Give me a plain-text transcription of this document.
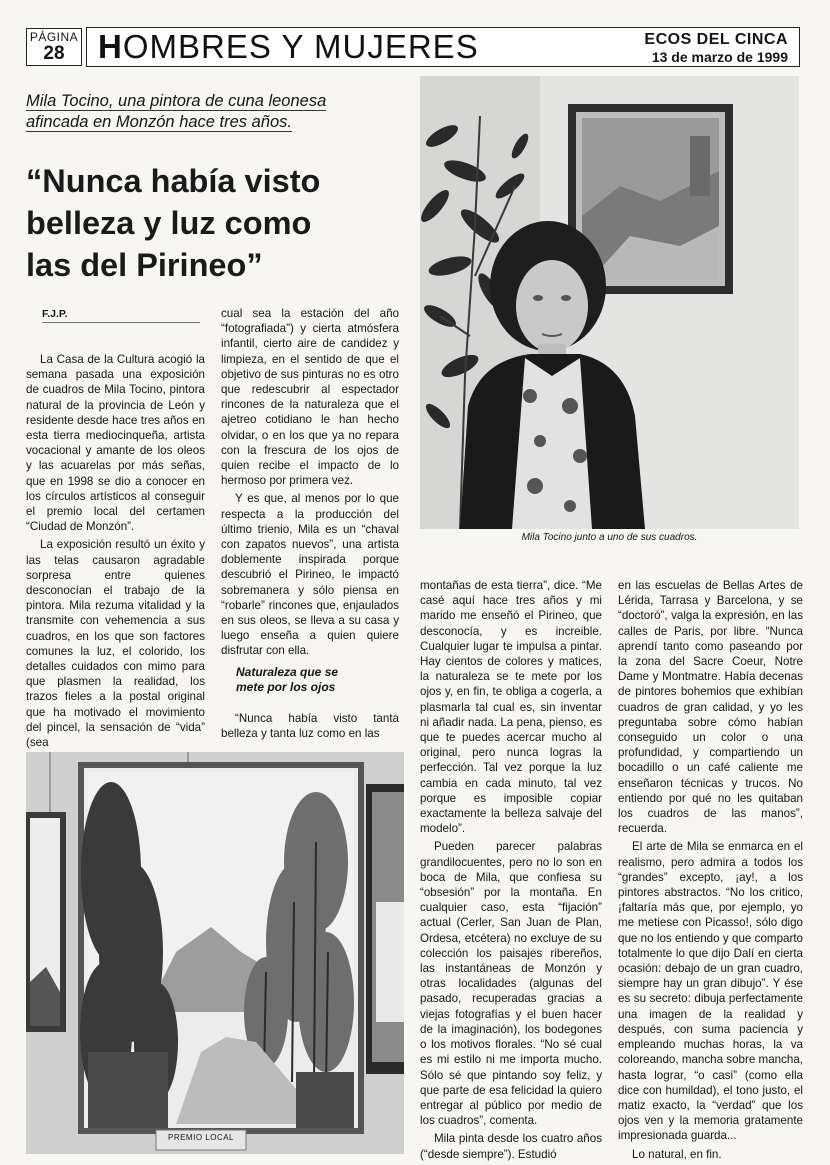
PÁGINA
28	HOMBRES Y MUJERES	ECOS DEL CINCA
13 de marzo de 1999
Mila Tocino, una pintora de cuna leonesa
afincada en Monzón hace tres años.
“Nunca había visto
belleza y luz como
las del Pirineo”
F.J.P.

La Casa de la Cultura acogió la semana pasada una exposición de cuadros de Mila Tocino, pintora natural de la provincia de León y residente desde hace tres años en esta tierra mediocinqueña, artista vocacional y amante de los oleos y las acuarelas por más señas, que en 1998 se dio a conocer en los círculos artísticos al conseguir el premio local del certamen “Ciudad de Monzón”.

La exposición resultó un éxito y las telas causaron agradable sorpresa entre quienes desconocían el trabajo de la pintora. Mila rezuma vitalidad y la transmite con vehemencia a sus cuadros, en los que son factores comunes la luz, el colorido, los detalles cuidados con mimo para que plasmen la realidad, los trazos fieles a la postal original que ha motivado el movimiento del pincel, la sensación de “vida” (sea

cual sea la estación del año “fotografiada”) y cierta atmósfera infantil, cierto aire de candidez y limpieza, en el sentido de que el objetivo de sus pinturas no es otro que redescubrir al espectador rincones de la naturaleza que el ajetreo cotidiano le han hecho olvidar, o en los que ya no repara con la frescura de los ojos de quien recibe el impacto de lo hermoso por primera vez.

Y es que, al menos por lo que respecta a la producción del último trienio, Mila es un “chaval con zapatos nuevos”, una artista doblemente inspirada porque descubrió el Pirineo, le impactó sobremanera y sólo piensa en “robarle” rincones que, enjaulados en sus oleos, se lleva a su casa y luego enseña a quien quiere disfrutar con ella.

Naturaleza que se
mete por los ojos

“Nunca había visto tanta belleza y tanta luz como en las

montañas de esta tierra”, dice. “Me casé aquí hace tres años y mi marido me enseñó el Pirineo, que desconocía, y es increible. Cualquier lugar te impulsa a pintar. Hay cientos de colores y matices, la naturaleza se te mete por los ojos y, en fin, te obliga a cogerla, a plasmarla tal cual es, sin inventar ni añadir nada. La pena, pienso, es que te puedes acercar mucho al original, pero nunca logras la perfección. Tal vez porque la luz cambia en cada minuto, tal vez porque es imposible copiar exactamente la belleza salvaje del modelo”.

Pueden parecer palabras grandilocuentes, pero no lo son en boca de Mila, que confiesa su “obsesión” por la montaña. En cualquier caso, esta “fijación” actual (Cerler, San Juan de Plan, Ordesa, etcétera) no excluye de su colección los paisajes ribereños, las instantáneas de Monzón y otras localidades (algunas del pasado, recuperadas gracias a viejas fotografías y el buen hacer de la imaginación), los bodegones o los motivos florales. “No sé cual es mi estilo ni me importa mucho. Sólo sé que pintando soy feliz, y que parte de esa felicidad la quiero entregar al público por medio de los cuadros”, comenta.

Mila pinta desde los cuatro años (“desde siempre”). Estudió

en las escuelas de Bellas Artes de Lérida, Tarrasa y Barcelona, y se “doctoró”, valga la expresión, en las calles de Paris, por libre. “Nunca aprendí tanto como paseando por la zona del Sacre Coeur, Notre Dame y Montmatre. Había decenas de pintores bohemios que exhibían cuadros de gran calidad, y yo les preguntaba sobre cómo habían conseguido un color o una profundidad, y compartiendo un bocadillo o un café caliente me enseñaron técnicas y trucos. No entiendo por qué no les quitaban los cuadros de las manos”, recuerda.

El arte de Mila se enmarca en el realismo, pero admira a todos los “grandes” excepto, ¡ay!, a los pintores abstractos. “No los critico, ¡faltaría más que, por ejemplo, yo me metiese con Picasso!, sólo digo que no los entiendo y que comparto totalmente lo que dijo Dalí en cierta ocasión: debajo de un gran cuadro, siempre hay un gran dibujo”. Y ése es su secreto: dibuja perfectamente una imagen de la realidad y después, con suma paciencia y empleando muchas horas, la va coloreando, mancha sobre mancha, hasta lograr, “o casi” (como ella dice con humildad), el tono justo, el matiz exacto, la “verdad” que los ojos ven y la memoria gratamente impresionada guarda...

Lo natural, en fin.

Mila Tocino junto a uno de sus cuadros.
PREMIO LOCAL
